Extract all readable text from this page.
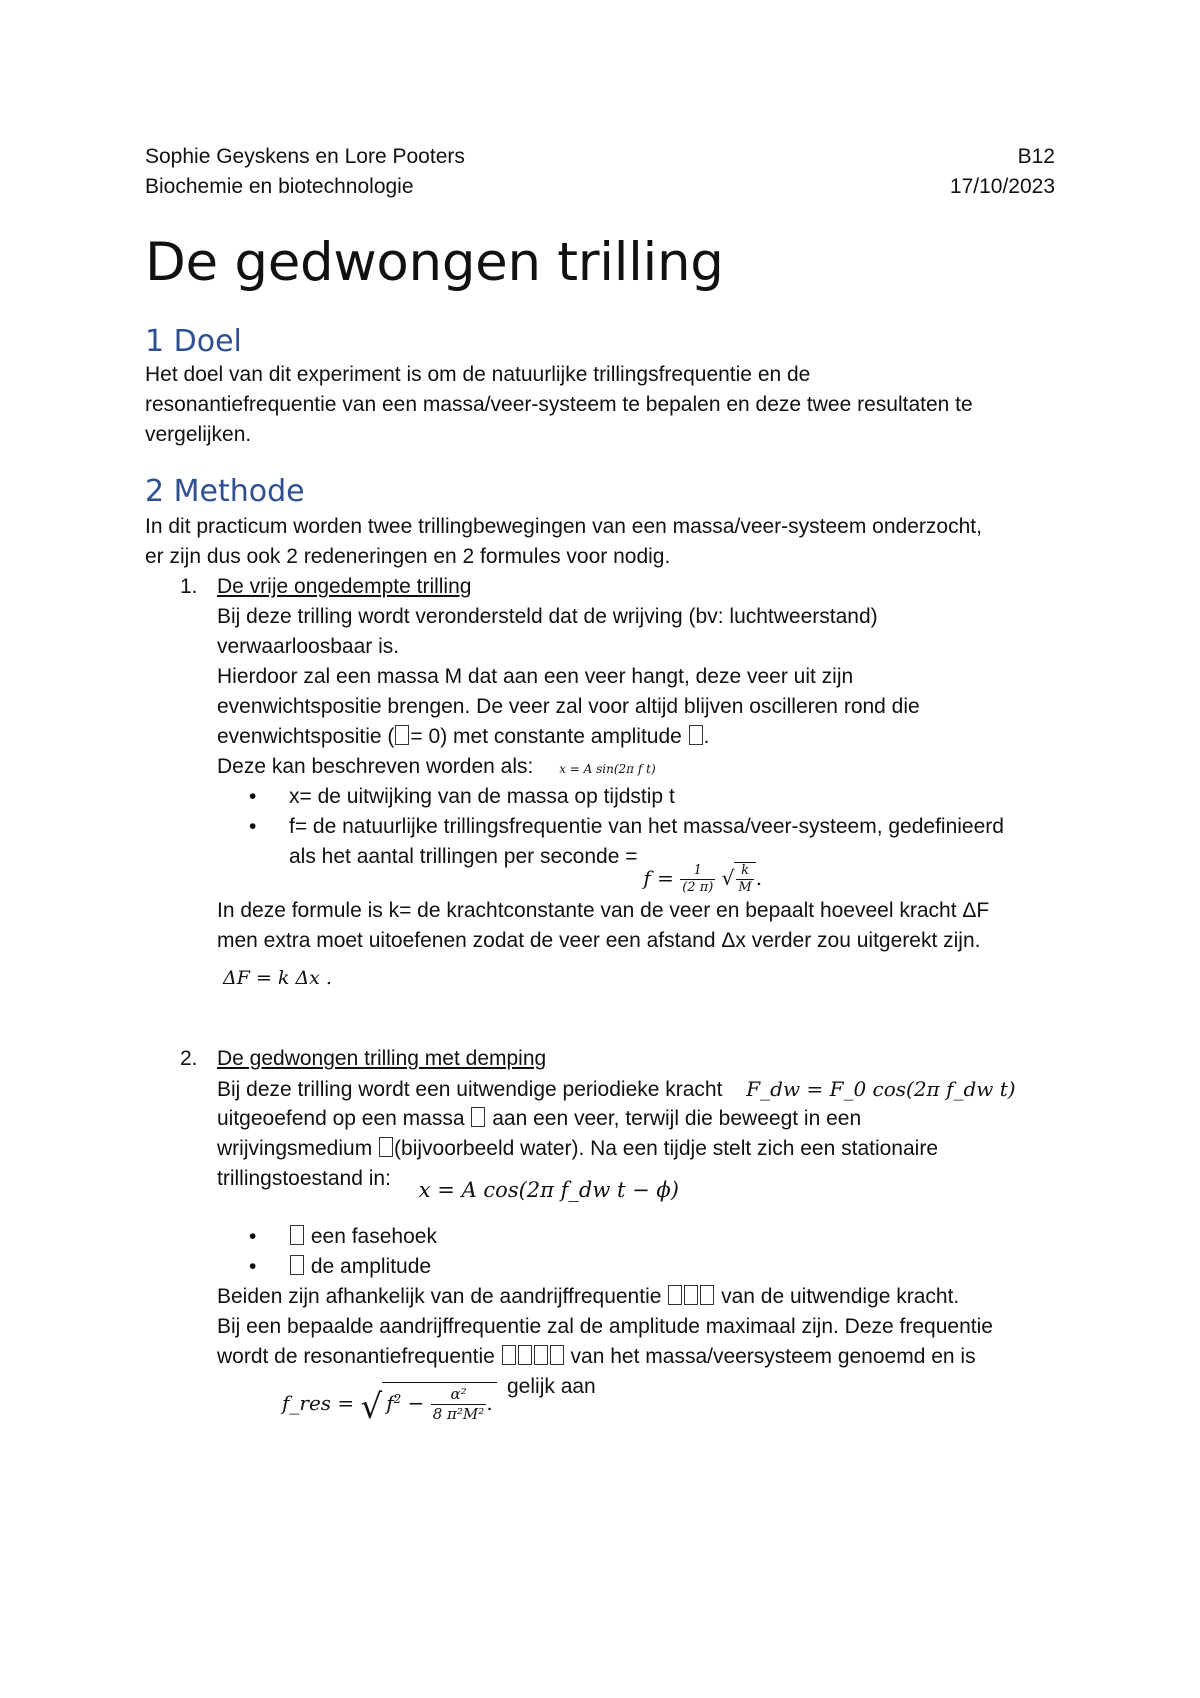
Sophie Geyskens en Lore Pooters	B12
Biochemie en biotechnologie	17/10/2023
De gedwongen trilling
1 Doel
Het doel van dit experiment is om de natuurlijke trillingsfrequentie en de
resonantiefrequentie van een massa/veer-systeem te bepalen en deze twee resultaten te
vergelijken.
2 Methode
In dit practicum worden twee trillingbewegingen van een massa/veer-systeem onderzocht,
er zijn dus ook 2 redeneringen en 2 formules voor nodig.
1. De vrije ongedempte trilling
Bij deze trilling wordt verondersteld dat de wrijving (bv: luchtweerstand)
verwaarloosbaar is.
Hierdoor zal een massa M dat aan een veer hangt, deze veer uit zijn
evenwichtspositie brengen. De veer zal voor altijd blijven oscilleren rond die
evenwichtspositie ( = 0) met constante amplitude .
Deze kan beschreven worden als: x = A sin(2π f t)
• x= de uitwijking van de massa op tijdstip t
• f= de natuurlijke trillingsfrequentie van het massa/veer-systeem, gedefinieerd
als het aantal trillingen per seconde = $f = \frac{1}{(2 \pi)}$ √ $\frac{k}{M}$ .
In deze formule is k= de krachtconstante van de veer en bepaalt hoeveel kracht ΔF
men extra moet uitoefenen zodat de veer een afstand Δx verder zou uitgerekt zijn.
ΔF = k Δx .
2. De gedwongen trilling met demping
Bij deze trilling wordt een uitwendige periodieke kracht F_dw = F_0 cos(2π f_dw t)
uitgeoefend op een massa aan een veer, terwijl die beweegt in een
wrijvingsmedium (bijvoorbeeld water). Na een tijdje stelt zich een stationaire
trillingstoestand in: x = A cos(2π f_dw t − ϕ)
•	een fasehoek
•	de amplitude
Beiden zijn afhankelijk van de aandrijffrequentie	van de uitwendige kracht.
Bij een bepaalde aandrijffrequentie zal de amplitude maximaal zijn. Deze frequentie
wordt de resonantiefrequentie	van het massa/veersysteem genoemd en is
gelijk aan
f_res = √ $f^2 - \frac{\text{α²}}{\text{8 π²M²}}$ .
